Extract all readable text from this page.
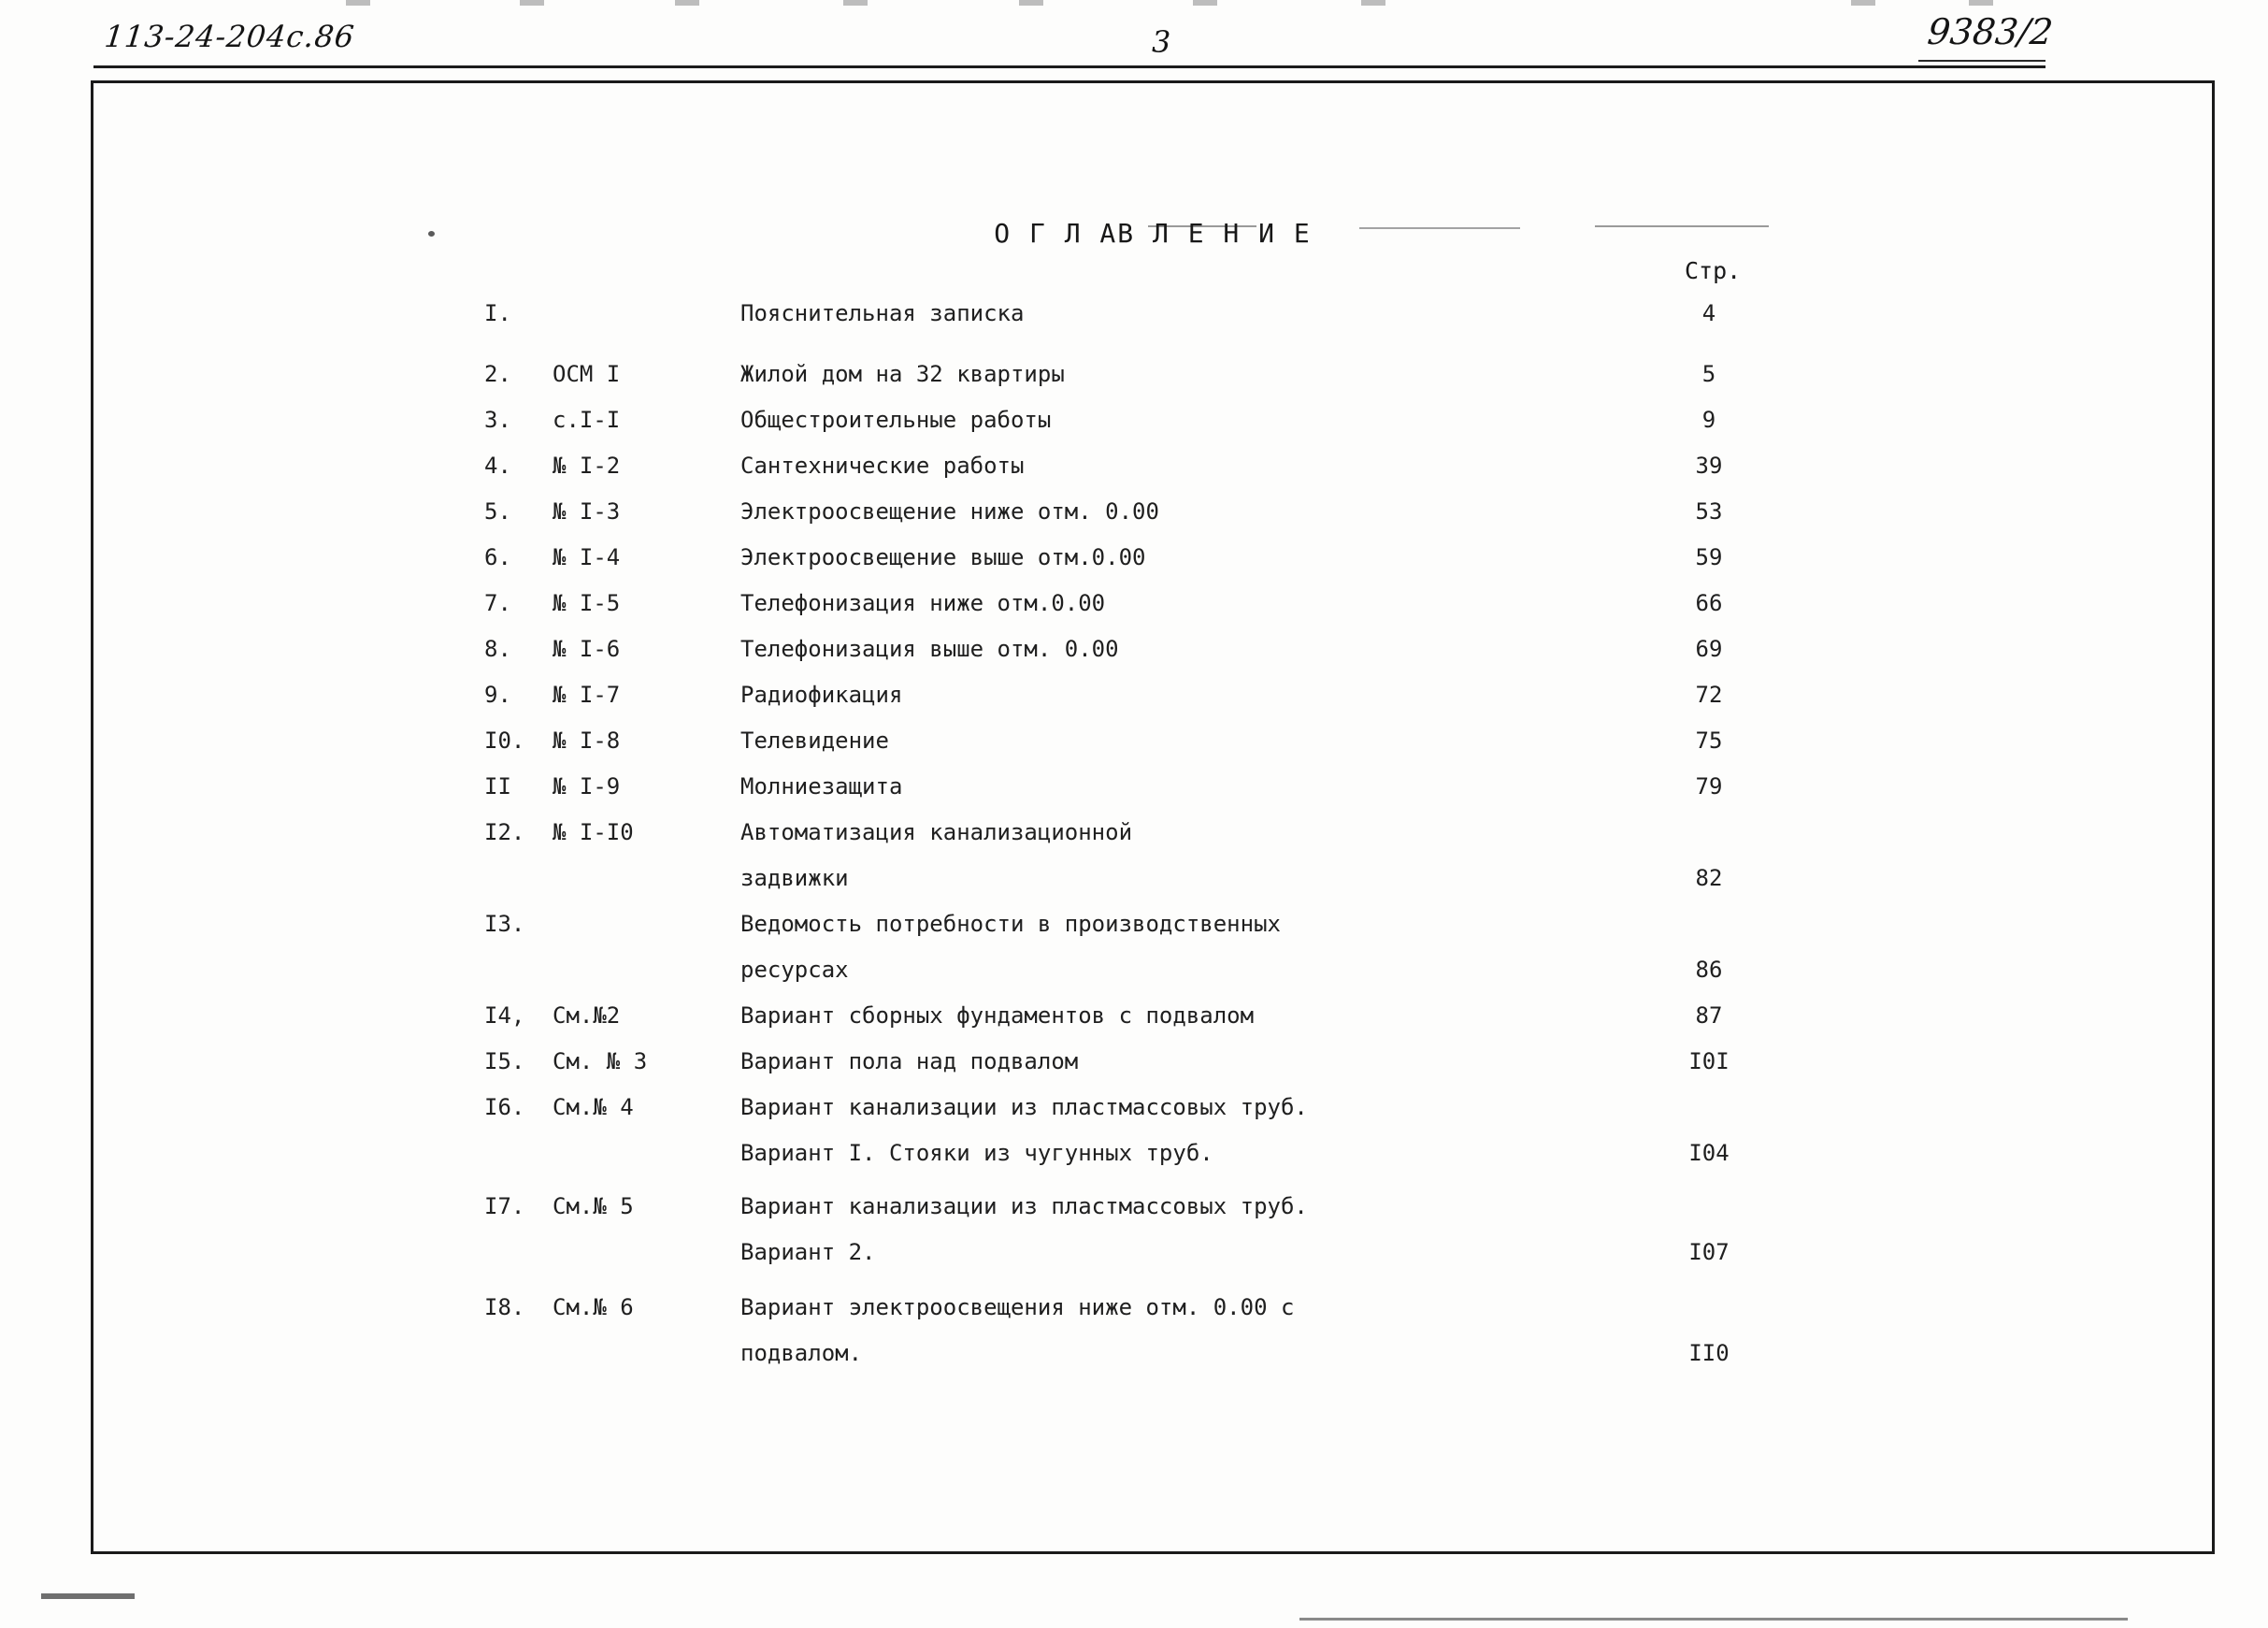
113-24-204с.86	3	9383/2
О Г Л АВ Л Е Н И Е
Стр.
I.	Пояснительная записка	4
2. ОСМ I	Жилой дом на 32 квартиры	5
3. с.I-I	Общестроительные работы	9
4. № I-2	Сантехнические работы	39
5. № I-3	Электроосвещение ниже отм. 0.00	53
6. № I-4	Электроосвещение выше отм.0.00	59
7. № I-5	Телефонизация ниже отм.0.00	66
8. № I-6	Телефонизация выше отм. 0.00	69
9. № I-7	Радиофикация	72
I0. № I-8	Телевидение	75
II № I-9	Молниезащита	79
I2. № I-I0	Автоматизация канализационной
задвижки	82
I3.	Ведомость потребности в производственных
ресурсах	86
I4, См.№2	Вариант сборных фундаментов с подвалом	87
I5. См. № 3	Вариант пола над подвалом	I0I
I6. См.№ 4	Вариант канализации из пластмассовых труб.
Вариант I. Стояки из чугунных труб.	I04
I7. См.№ 5	Вариант канализации из пластмассовых труб.
Вариант 2.	I07
I8. См.№ 6	Вариант электроосвещения ниже отм. 0.00 с
подвалом.	II0
